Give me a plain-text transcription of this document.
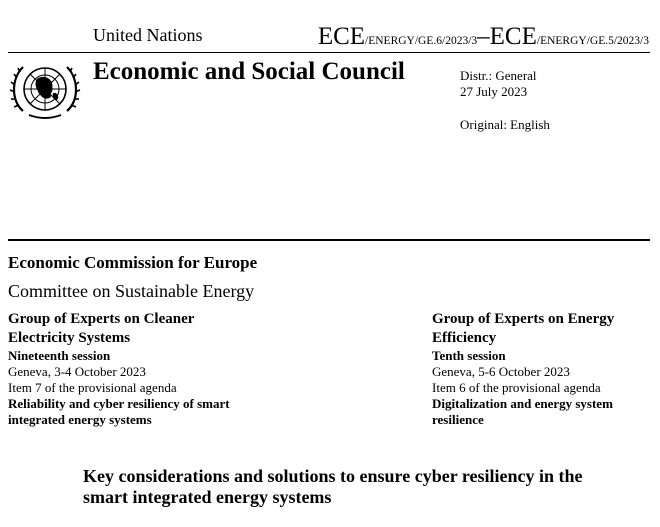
United Nations	ECE/ENERGY/GE.6/2023/3–ECE/ENERGY/GE.5/2023/3
Economic and Social Council	Distr.: General
27 July 2023
Original: English
Economic Commission for Europe
Committee on Sustainable Energy
Group of Experts on Cleaner Electricity Systems
Nineteenth session
Geneva, 3-4 October 2023
Item 7 of the provisional agenda
Reliability and cyber resiliency of smart integrated energy systems
Group of Experts on Energy Efficiency
Tenth session
Geneva, 5-6 October 2023
Item 6 of the provisional agenda
Digitalization and energy system resilience
Key considerations and solutions to ensure cyber resiliency in the smart integrated energy systems
